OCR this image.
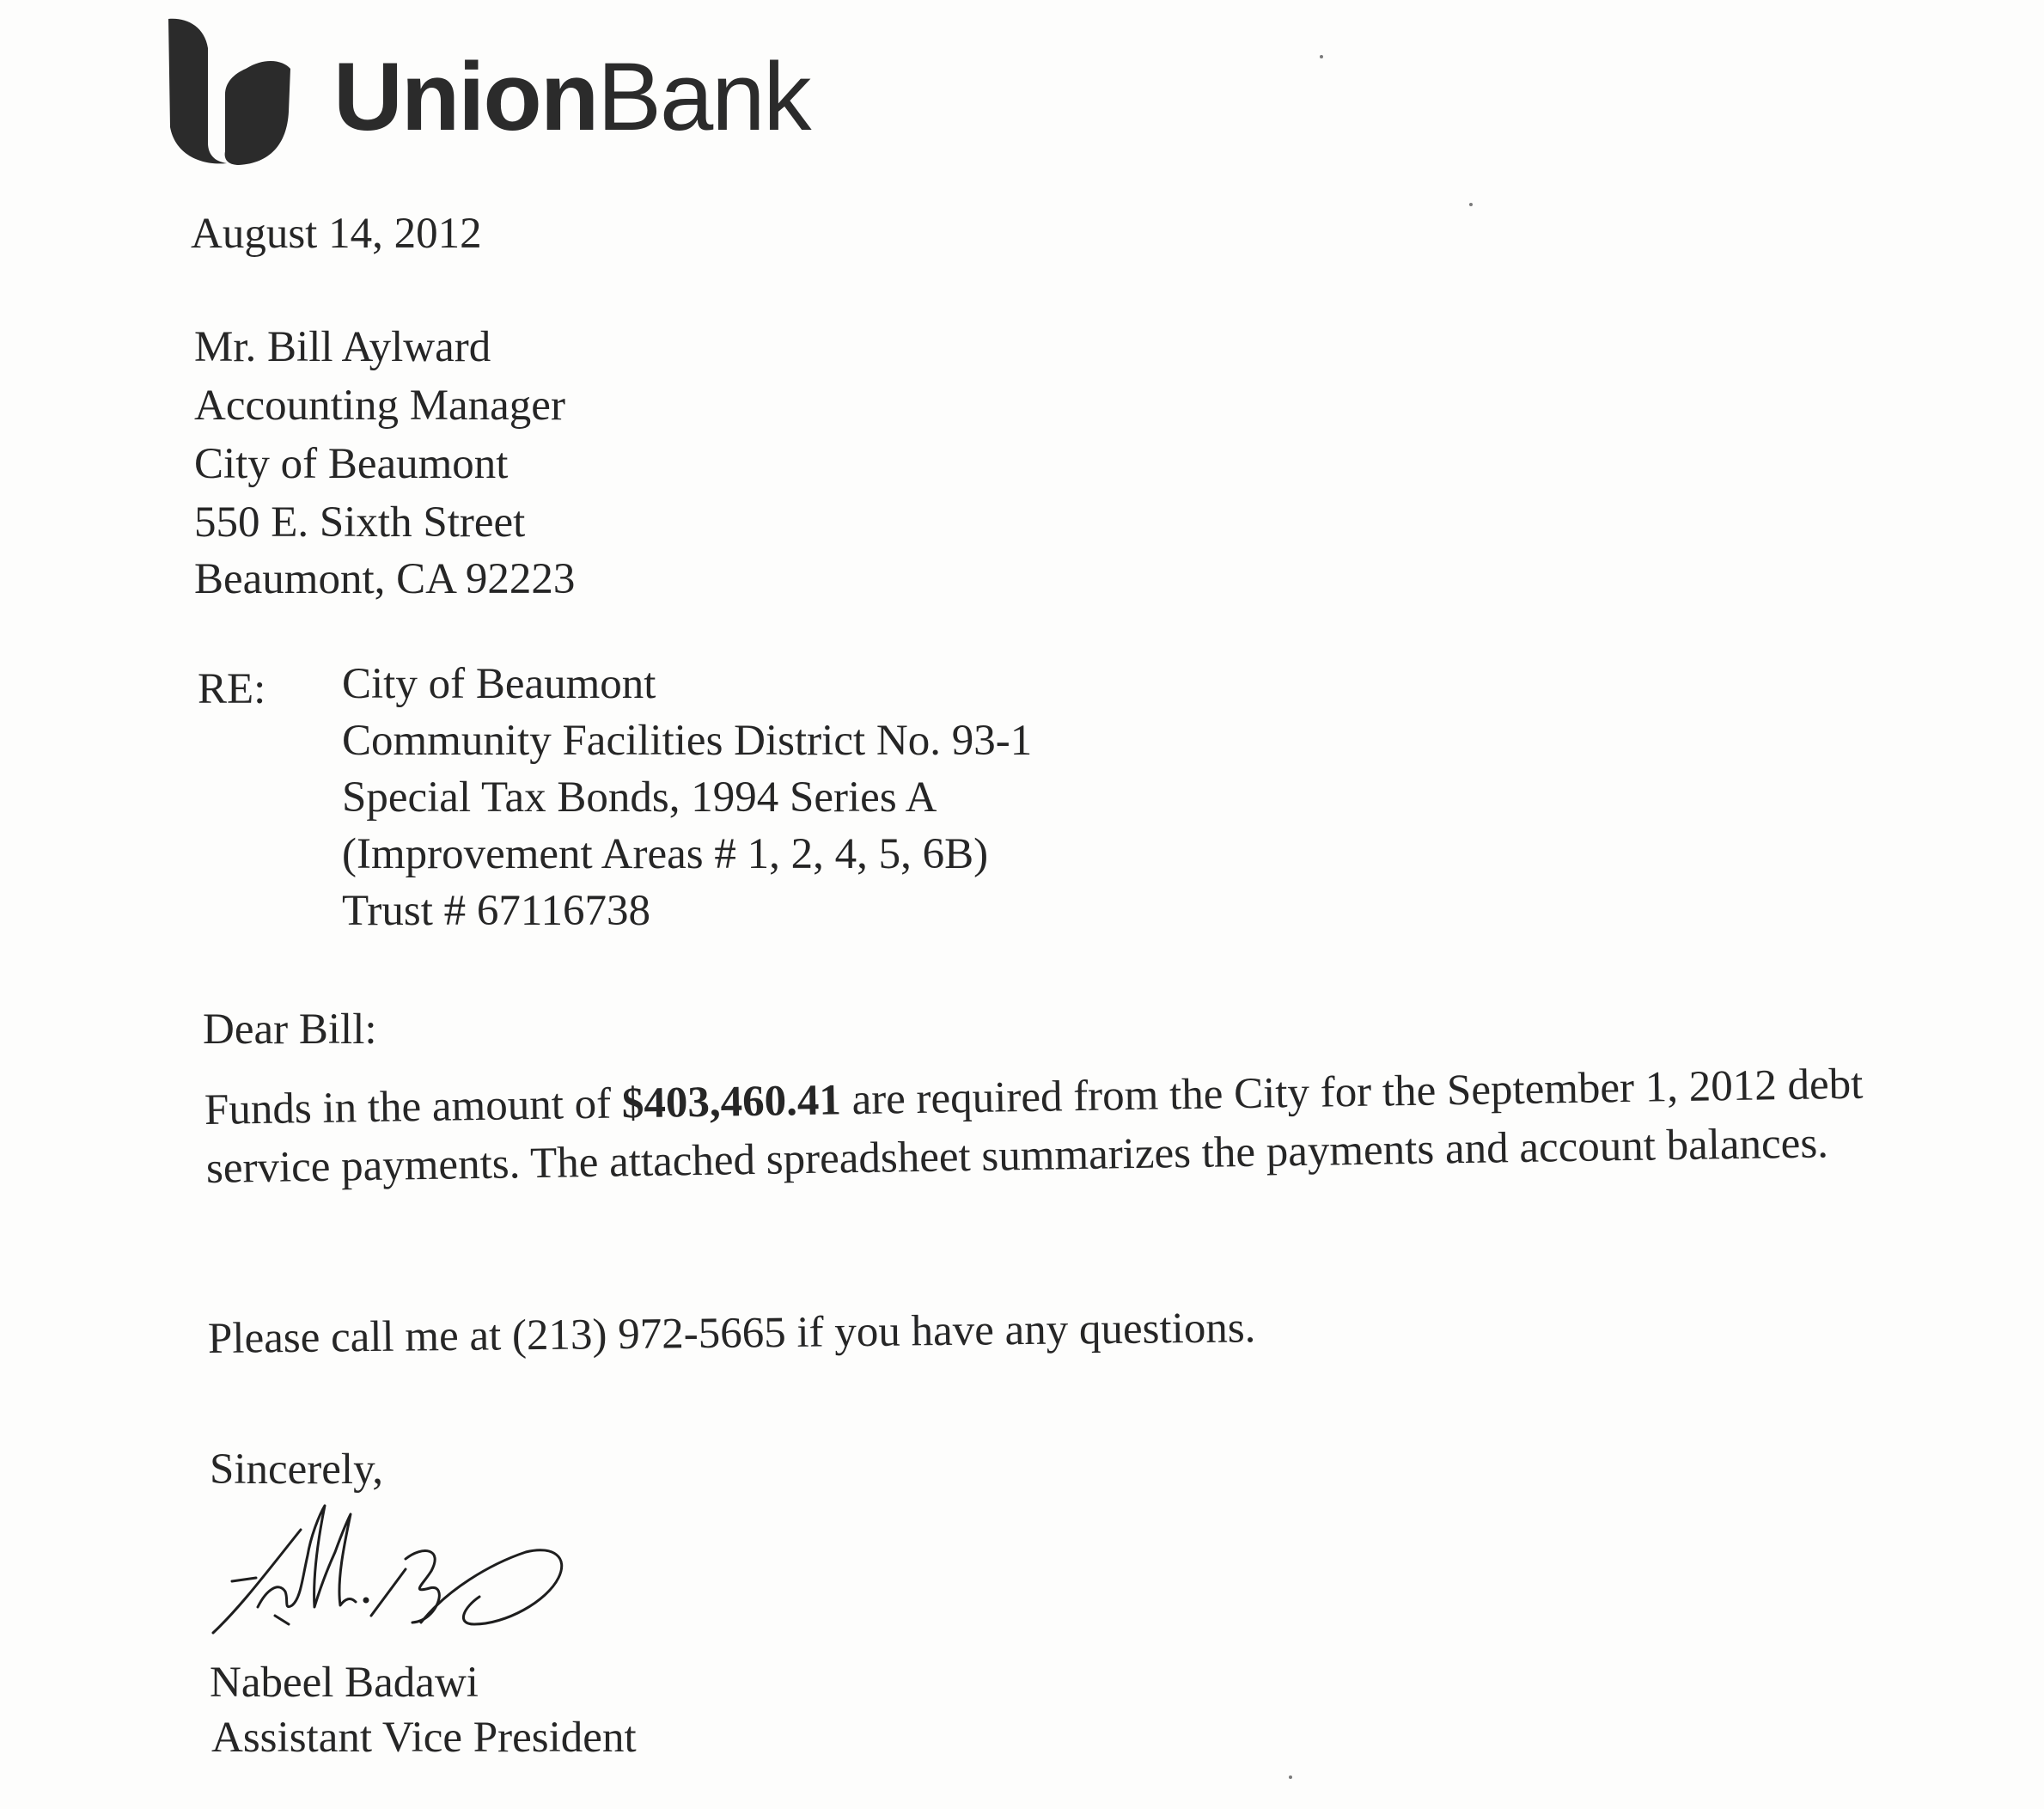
UnionBank
August 14, 2012
Mr. Bill Aylward
Accounting Manager
City of Beaumont
550 E. Sixth Street
Beaumont, CA 92223
RE: City of Beaumont
Community Facilities District No. 93-1
Special Tax Bonds, 1994 Series A
(Improvement Areas # 1, 2, 4, 5, 6B)
Trust # 67116738
Dear Bill:
Funds in the amount of $403,460.41 are required from the City for the September 1, 2012 debt
service payments. The attached spreadsheet summarizes the payments and account balances.
Please call me at (213) 972-5665 if you have any questions.
Sincerely,
Nabeel Badawi
Assistant Vice President
